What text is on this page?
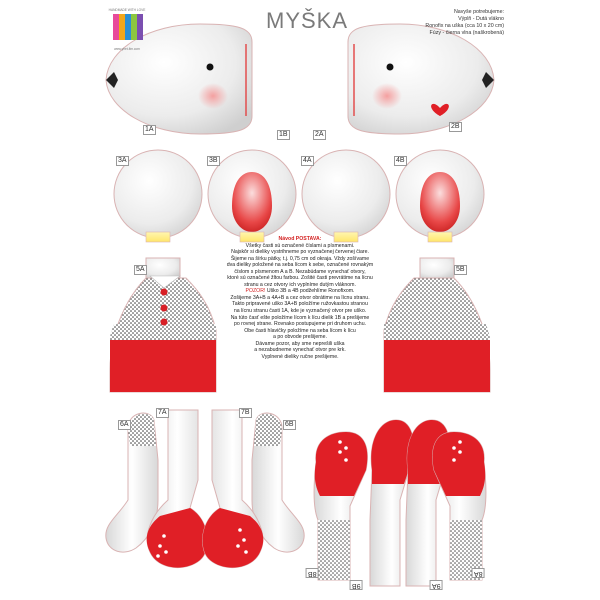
HANDMADE WITH LOVE
www.yhet-fim.com
MYŠKA	Navyše potrebujeme:
Výplň - Dutá vlákno
Ronofix na uška (cca 10 x 20 cm)
Fúzy - čierna vlna (naškrobená)
Návod POSTAVA:
Všetky časti sú označené číslami a písmenami.
Najskôr si dieliky vystrihneme po vyznačenej červenej čiare.
Šijeme na šírku pätky, t.j. 0,75 cm od okraja. Vždy zošívame
dva dieliky položené na seba lícom k sebe, označené rovnakým
číslom s písmenom A a B. Nezabúdame vynechať otvory,
ktoré sú označené žltou farbou. Zošité časti prevrátime na lícnu
stranu a cez otvory ich vyplníme dutým vláknom.
POZOR! Uško 3B a 4B podžehlíme Ronofixom.
Zošijeme 3A+B a 4A+B a cez otvor obrátime na lícnu stranu.
Takto pripravené uško 3A+B položíme ružovkastou stranou
na lícnu stranu časti 1A, kde je vyznačený otvor pre uško.
Na túto časť ešte položíme lícom k lícu dielik 1B a prešijeme
po rovnej strane. Rovnako postupujeme pri druhom uchu.
Obe časti hlavičky položíme na seba lícom k lícu
a po obvode prešijeme.
Dávame pozor, aby sme neprešili uškа
a nezabudneme vynechať otvor pre krk.
Vyplnené dieliky ručne prešijeme.
1A
1B	2A
2B
3A	3B	4A	4B
5A	5B
6A
7A	7B
6B
8B
9B	9A
8A
